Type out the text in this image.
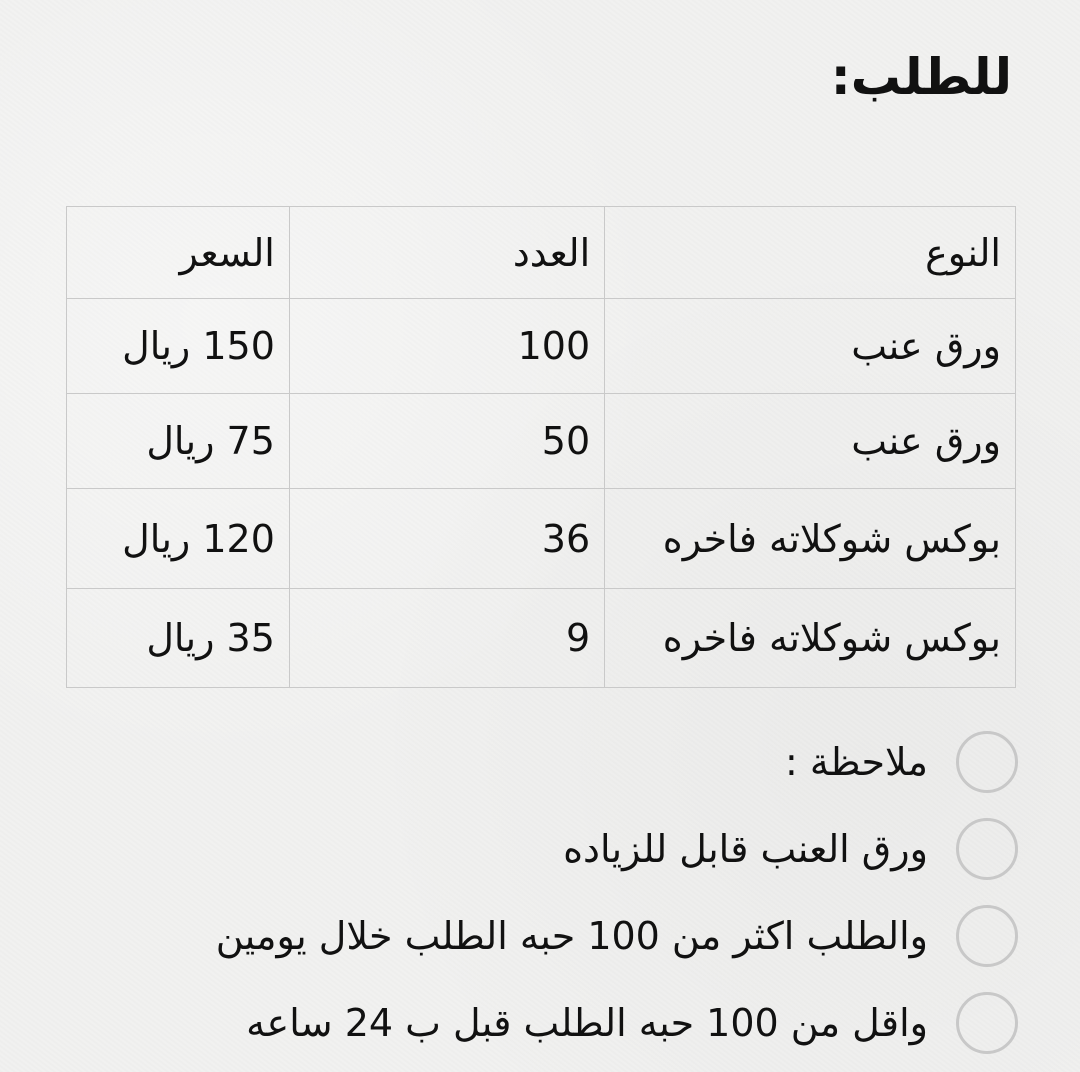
للطلب:
النوع	العدد	السعر
ورق عنب	100	150 ريال
ورق عنب	50	75 ريال
بوكس شوكلاته فاخره	36	120 ريال
بوكس شوكلاته فاخره	9	35 ريال
ملاحظة :
ورق العنب قابل للزياده
والطلب اكثر من 100 حبه الطلب خلال يومين
واقل من 100 حبه الطلب قبل ب 24 ساعه
